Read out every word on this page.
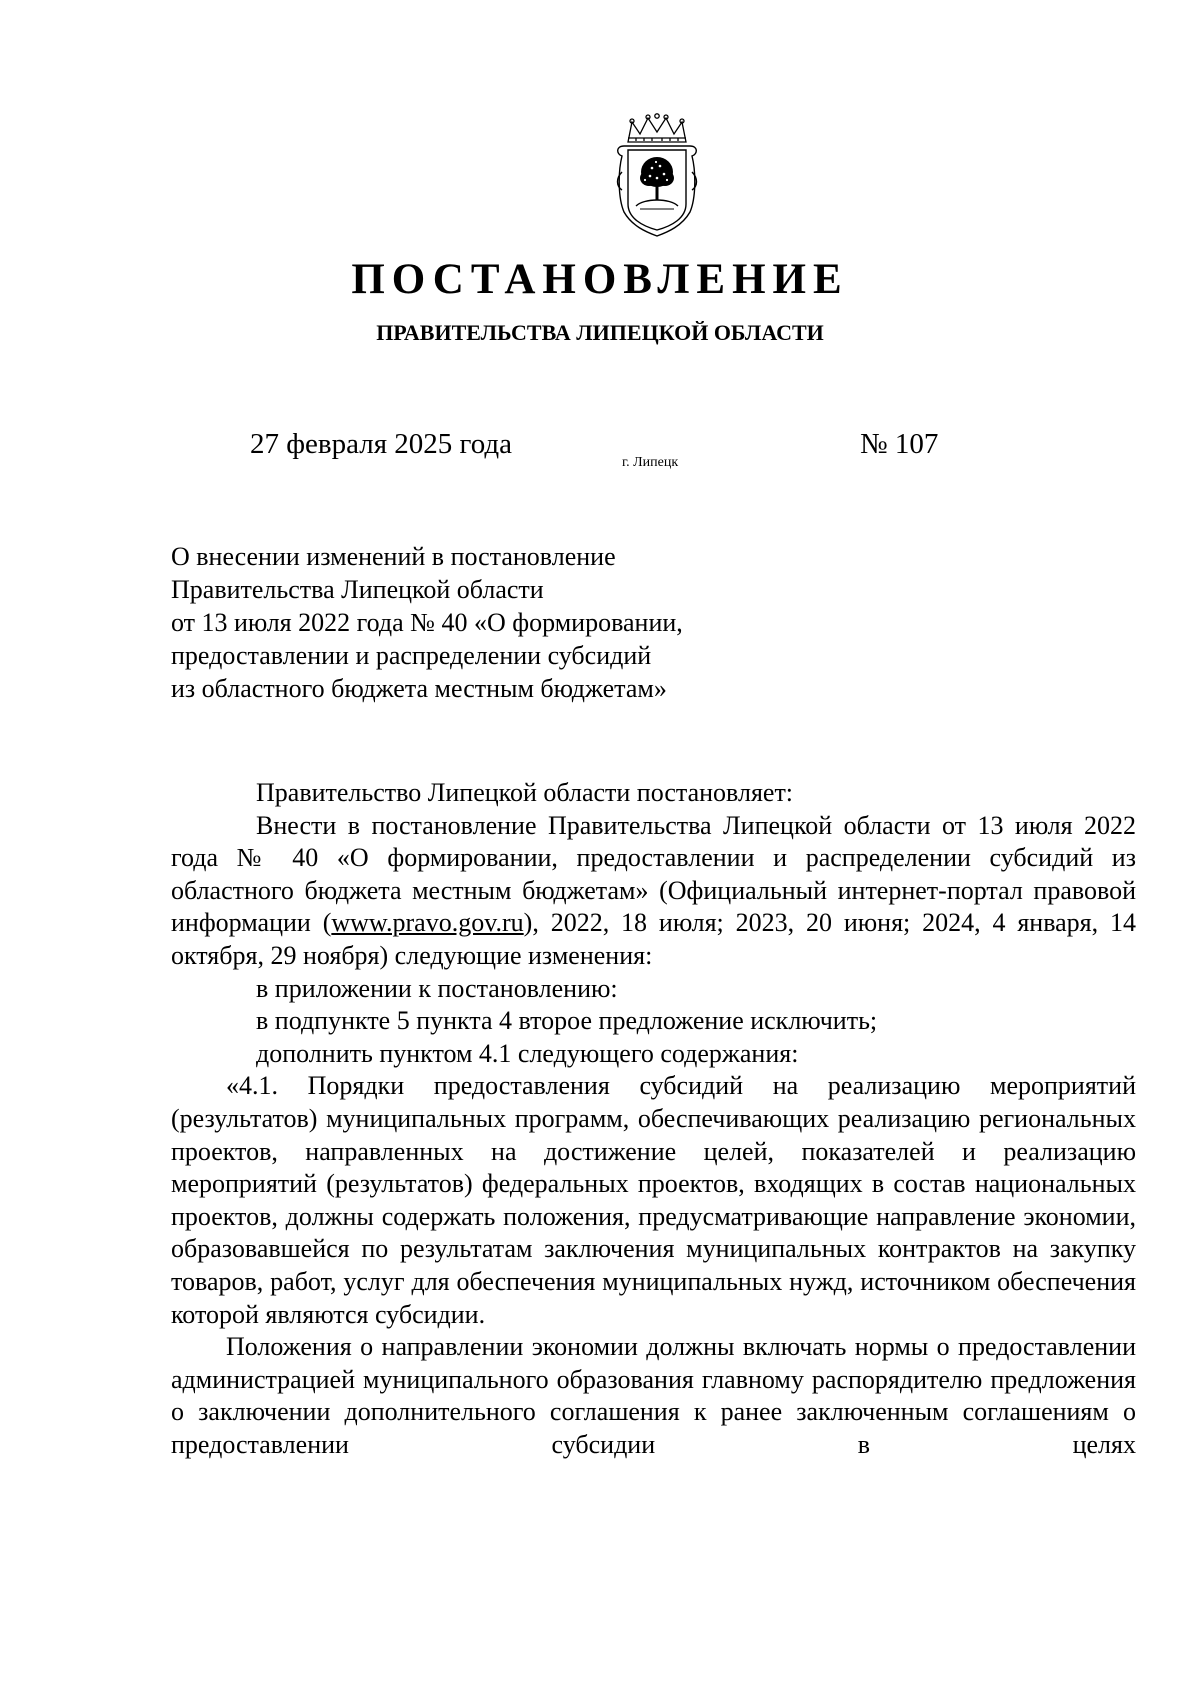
ПОСТАНОВЛЕНИЕ
ПРАВИТЕЛЬСТВА ЛИПЕЦКОЙ ОБЛАСТИ
27 февраля 2025 года
г. Липецк
№ 107
О внесении изменений в постановление
Правительства Липецкой области
от 13 июля 2022 года № 40 «О формировании,
предоставлении и распределении субсидий
из областного бюджета местным бюджетам»

Правительство Липецкой области постановляет:

Внести в постановление Правительства Липецкой области от 13 июля 2022 года № 40 «О формировании, предоставлении и распределении субсидий из областного бюджета местным бюджетам» (Официальный интернет-портал правовой информации (www.pravo.gov.ru), 2022, 18 июля; 2023, 20 июня; 2024, 4 января, 14 октября, 29 ноября) следующие изменения:

в приложении к постановлению:

в подпункте 5 пункта 4 второе предложение исключить;

дополнить пунктом 4.1 следующего содержания:

«4.1. Порядки предоставления субсидий на реализацию мероприятий (результатов) муниципальных программ, обеспечивающих реализацию региональных проектов, направленных на достижение целей, показателей и реализацию мероприятий (результатов) федеральных проектов, входящих в состав национальных проектов, должны содержать положения, предусматривающие направление экономии, образовавшейся по результатам заключения муниципальных контрактов на закупку товаров, работ, услуг для обеспечения муниципальных нужд, источником обеспечения которой являются субсидии.

Положения о направлении экономии должны включать нормы о предоставлении администрацией муниципального образования главному распорядителю предложения о заключении дополнительного соглашения к ранее заключенным соглашениям о предоставлении субсидии в целях
